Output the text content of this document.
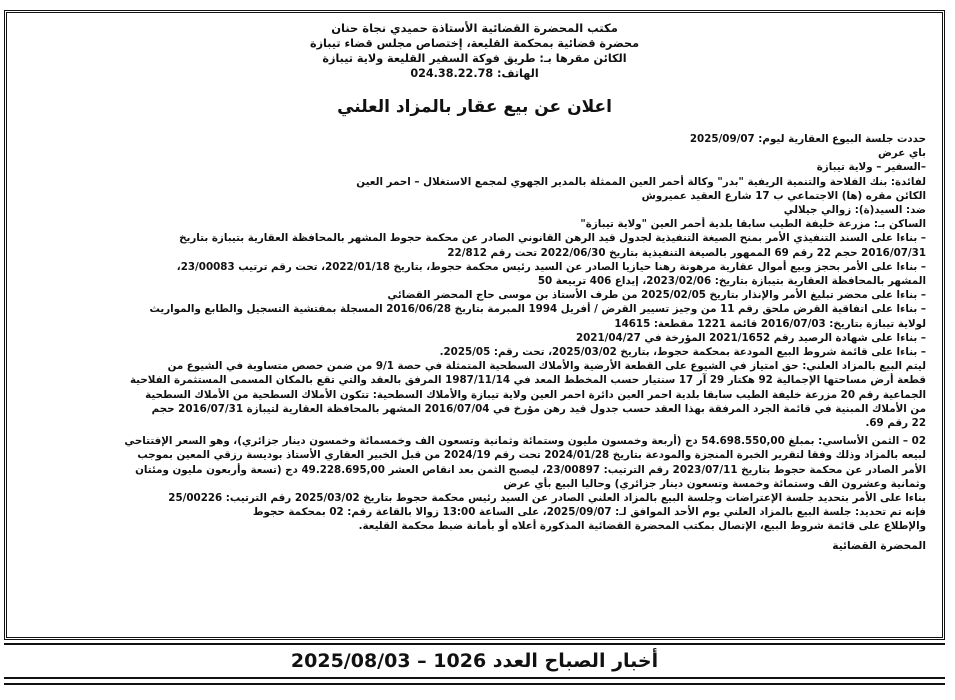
مكتب المحضرة القضائية الأستاذة حميدي نجاة حنان
محضرة قضائية بمحكمة القليعة، إختصاص مجلس قضاء تيبازة
الكائن مقرها بـ: طريق فوكة السفير القليعة ولاية تيبازة
الهاتف: 024.38.22.78
اعلان عن بيع عقار بالمزاد العلني
حددت جلسة البيوع العقارية ليوم: 2025/09/07
باي عرض
–السفير – ولاية تيبازة
لفائدة: بنك الفلاحة والتنمية الريفية "بدر" وكالة أحمر العين الممثلة بالمدير الجهوي لمجمع الاستغلال – احمر العين
الكائن مقره (ها) الاجتماعي ب 17 شارع العقيد عميروش
ضد: السيد(ة): زوالي جيلالي
الساكن بـ: مزرعة خليفة الطيب سابقا بلدية أحمر العين "ولاية تيبازة"
– بناءا على السند التنفيذي الأمر بمنح الصيغة التنفيذية لجدول قيد الرهن القانوني الصادر عن محكمة حجوط المشهر بالمحافظة العقارية بتيبازة بتاريخ
2016/07/31 حجم 22 رقم 69 الممهور بالصيغة التنفيذية بتاريخ 2022/06/30 تحت رقم 22/812
– بناءا على الأمر بحجز وبيع أموال عقارية مرهونة رهنا حيازيا الصادر عن السيد رئيس محكمة حجوط، بتاريخ 2022/01/18، تحت رقم ترتيب 23/00083،
المشهر بالمحافظة العقارية بتيبازة بتاريخ: 2023/02/06، إيداع 406 تربيعة 50
– بناءا على محضر تبليغ الأمر والإنذار بتاريخ 2025/02/05 من طرف الأستاذ بن موسى حاج المحضر القضائي
– بناءا على اتفاقية القرض ملحق رقم 11 من وجيز تسيير القرض / أفريل 1994 المبرمة بتاريخ 2016/06/28 المسجلة بمفتشية التسجيل والطابع والمواريث
لولاية تيبازة بتاريخ: 2016/07/03 قائمة 1221 مقطعة: 14615
– بناءا على شهادة الرصيد رقم 2021/1652 المؤرخة في 2021/04/27
– بناءا على قائمة شروط البيع المودعة بمحكمة حجوط، بتاريخ 2025/03/02، تحت رقم: 2025/05.
ليتم البيع بالمزاد العلني: حق امتياز في الشيوع على القطعة الأرضية والأملاك السطحية المتمثلة في حصة 9/1 من ضمن حصص متساوية في الشيوع من
قطعة أرض مساحتها الإجمالية 92 هكتار 29 آر 17 سنتيار حسب المخطط المعد في 1987/11/14 المرفق بالعقد والتي تقع بالمكان المسمى المستثمرة الفلاحية
الجماعية رقم 20 مزرعة خليفة الطيب سابقا بلدية احمر العين دائرة احمر العين ولاية تيبازة والأملاك السطحية: تتكون الأملاك السطحية من الأملاك السطحية
من الأملاك المبنية في قائمة الجرد المرفقة بهذا العقد حسب جدول قيد رهن مؤرخ في 2016/07/04 المشهر بالمحافظة العقارية لتيبازة 2016/07/31 حجم
22 رقم 69.
02 – الثمن الأساسي: بمبلغ 54.698.550,00 دج (أربعة وخمسون مليون وستمائة وثمانية وتسعون الف وخمسمائة وخمسون دينار جزائري)، وهو السعر الإفتتاحي
لبيعه بالمزاد وذلك وفقا لتقرير الخبرة المنجزة والمودعة بتاريخ 2024/01/28 تحت رقم 2024/19 من قبل الخبير العقاري الأستاذ بوديسة رزقي المعين بموجب
الأمر الصادر عن محكمة حجوط بتاريخ 2023/07/11 رقم الترتيب: 23/00897، ليصبح الثمن بعد انقاص العشر 49.228.695,00 دج (تسعة وأربعون مليون ومئتان
وثمانية وعشرون الف وستمائة وخمسة وتسعون دينار جزائري) وحاليا البيع بأي عرض
بناءا على الأمر بتحديد جلسة الإعتراضات وجلسة البيع بالمزاد العلني الصادر عن السيد رئيس محكمة حجوط بتاريخ 2025/03/02 رقم الترتيب: 25/00226
فإنه تم تحديد: جلسة البيع بالمزاد العلني يوم الأحد الموافق لـ: 2025/09/07، على الساعة 13:00 زوالا بالقاعة رقم: 02 بمحكمة حجوط
والإطلاع على قائمة شروط البيع، الإتصال بمكتب المحضرة القضائية المذكورة أعلاه أو بأمانة ضبط محكمة القليعة.
المحضرة القضائية
أخبار الصباح العدد 1026 – 2025/08/03
